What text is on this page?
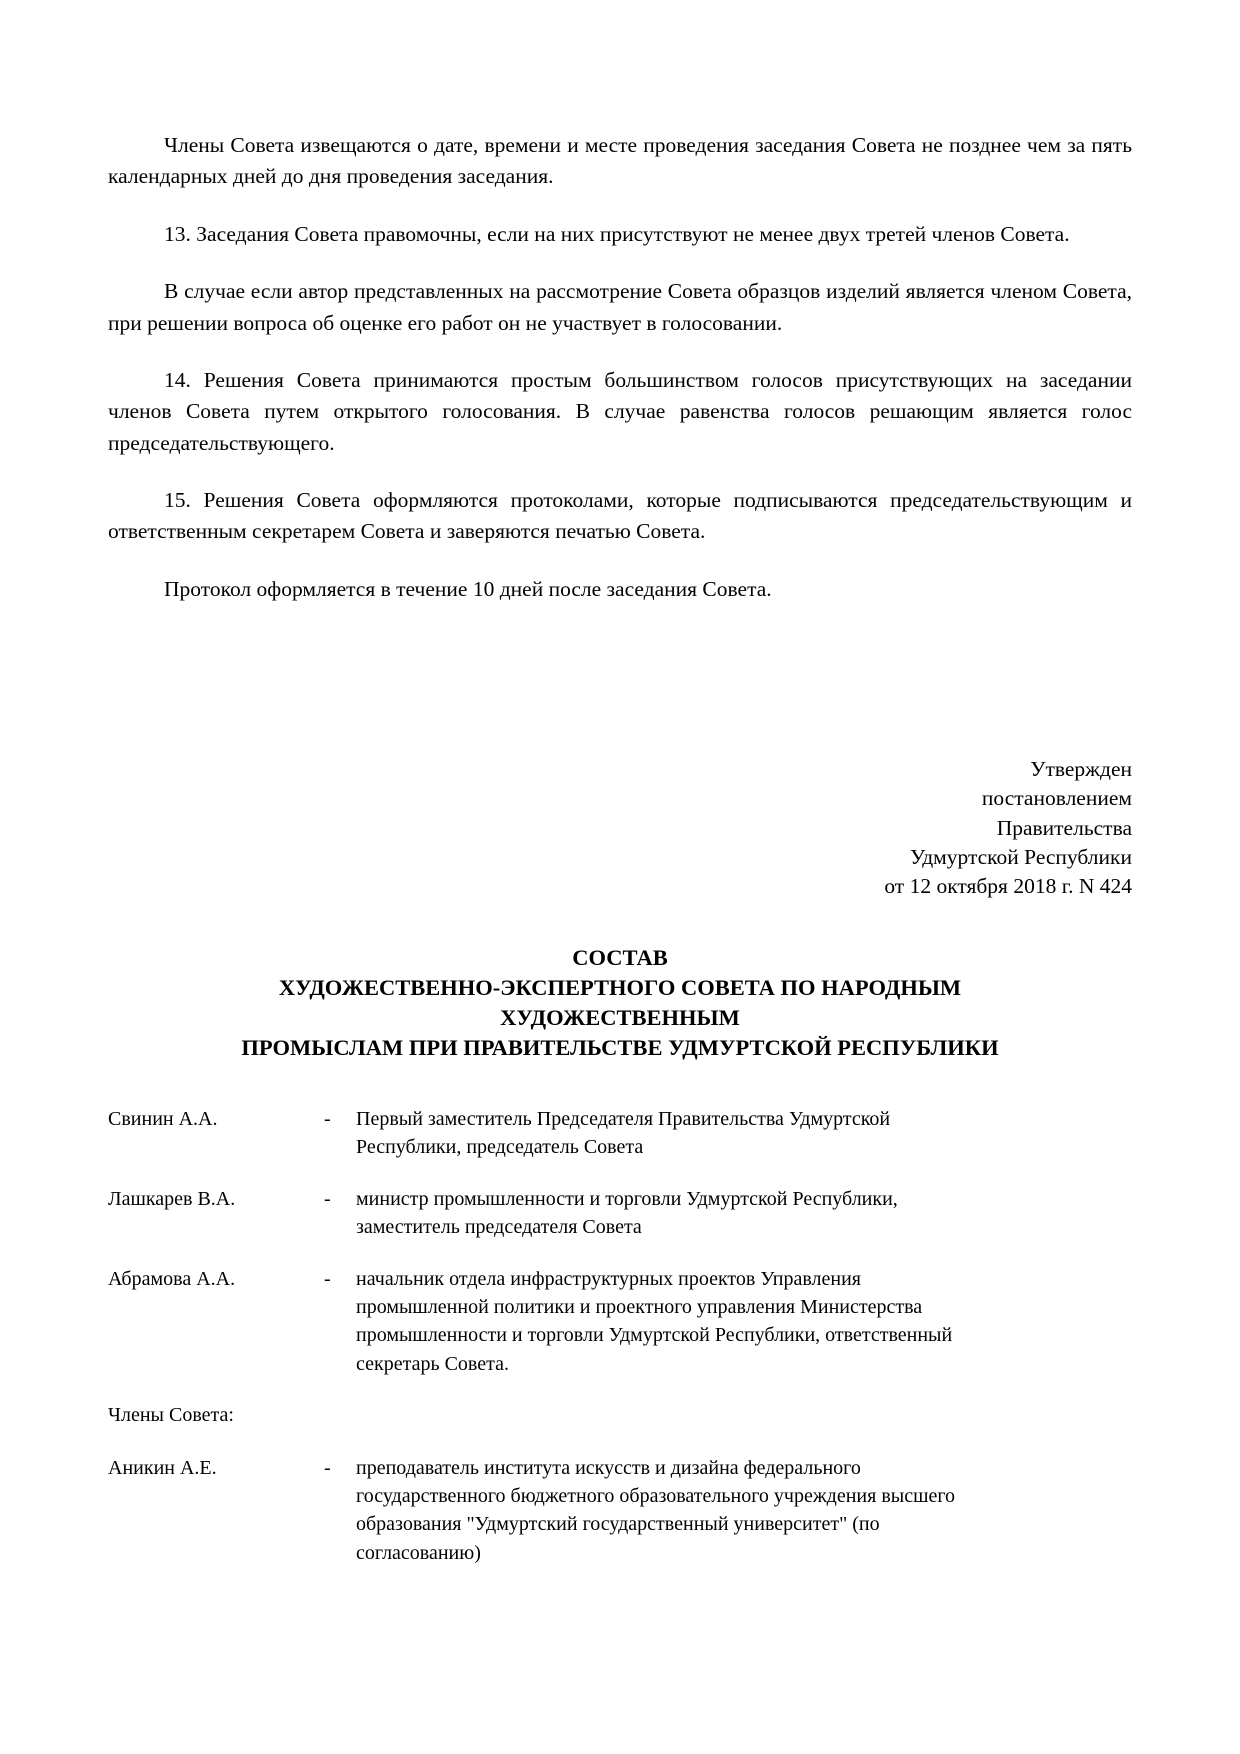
Члены Совета извещаются о дате, времени и месте проведения заседания Совета не позднее чем за пять календарных дней до дня проведения заседания.

13. Заседания Совета правомочны, если на них присутствуют не менее двух третей членов Совета.

В случае если автор представленных на рассмотрение Совета образцов изделий является членом Совета, при решении вопроса об оценке его работ он не участвует в голосовании.

14. Решения Совета принимаются простым большинством голосов присутствующих на заседании членов Совета путем открытого голосования. В случае равенства голосов решающим является голос председательствующего.

15. Решения Совета оформляются протоколами, которые подписываются председательствующим и ответственным секретарем Совета и заверяются печатью Совета.

Протокол оформляется в течение 10 дней после заседания Совета.

Утвержден
постановлением
Правительства
Удмуртской Республики
от 12 октября 2018 г. N 424
СОСТАВ
ХУДОЖЕСТВЕННО-ЭКСПЕРТНОГО СОВЕТА ПО НАРОДНЫМ
ХУДОЖЕСТВЕННЫМ
ПРОМЫСЛАМ ПРИ ПРАВИТЕЛЬСТВЕ УДМУРТСКОЙ РЕСПУБЛИКИ
Свинин А.А.	-	Первый заместитель Председателя Правительства Удмуртской Республики, председатель Совета
Лашкарев В.А.	-	министр промышленности и торговли Удмуртской Республики, заместитель председателя Совета
Абрамова А.А.	-	начальник отдела инфраструктурных проектов Управления промышленной политики и проектного управления Министерства промышленности и торговли Удмуртской Республики, ответственный секретарь Совета.
Члены Совета:
Аникин А.Е.	-	преподаватель института искусств и дизайна федерального государственного бюджетного образовательного учреждения высшего образования "Удмуртский государственный университет" (по согласованию)
